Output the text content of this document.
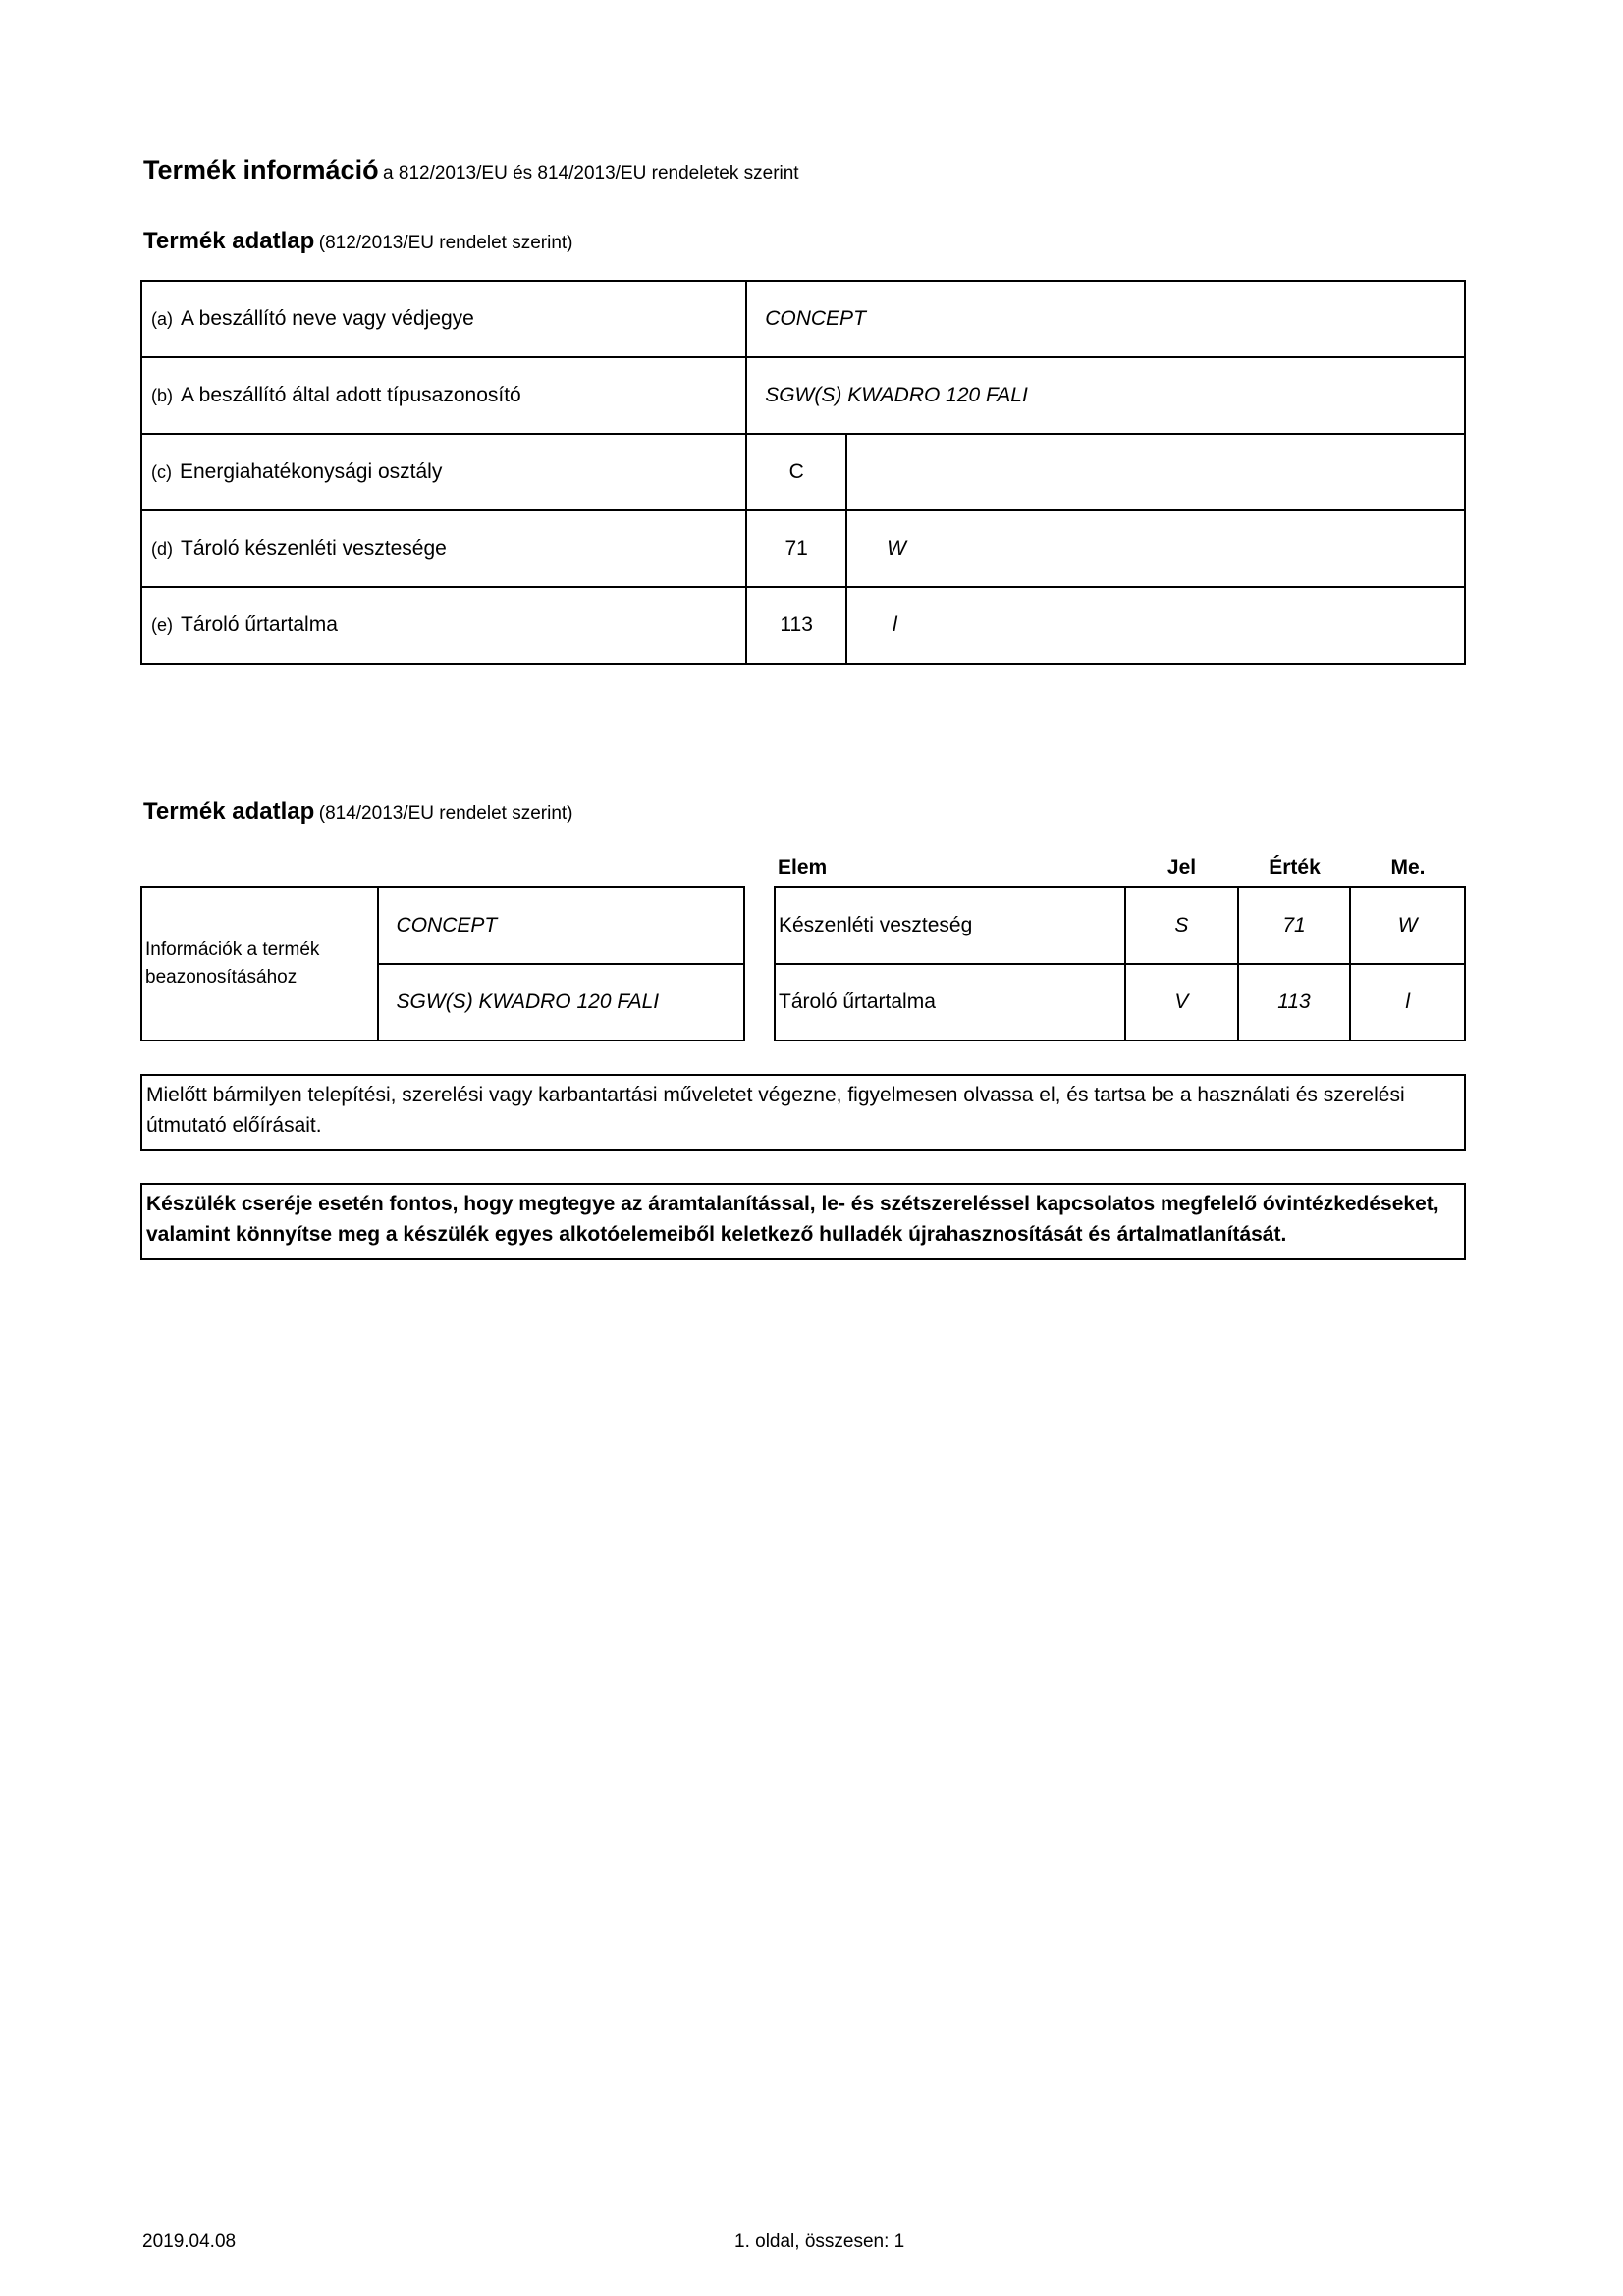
Termék információ a 812/2013/EU és 814/2013/EU rendeletek szerint
Termék adatlap (812/2013/EU rendelet szerint)
(a) A beszállító neve vagy védjegye	CONCEPT	
(b) A beszállító által adott típusazonosító	SGW(S) KWADRO 120 FALI	
(c) Energiahatékonysági osztály	C	
(d) Tároló készenléti vesztesége	71	W
(e) Tároló űrtartalma	113	l
Termék adatlap (814/2013/EU rendelet szerint)
Elem	Jel	Érték	Me.
Információk a termék beazonosításához	CONCEPT
SGW(S) KWADRO 120 FALI
Készenléti veszteség	S	71	W
Tároló űrtartalma	V	113	l
Mielőtt bármilyen telepítési, szerelési vagy karbantartási műveletet végezne, figyelmesen olvassa el, és tartsa be a használati és szerelési útmutató előírásait.
Készülék cseréje esetén fontos, hogy megtegye az áramtalanítással, le- és szétszereléssel kapcsolatos megfelelő óvintézkedéseket, valamint könnyítse meg a készülék egyes alkotóelemeiből keletkező hulladék újrahasznosítását és ártalmatlanítását.
2019.04.08	1. oldal, összesen: 1
